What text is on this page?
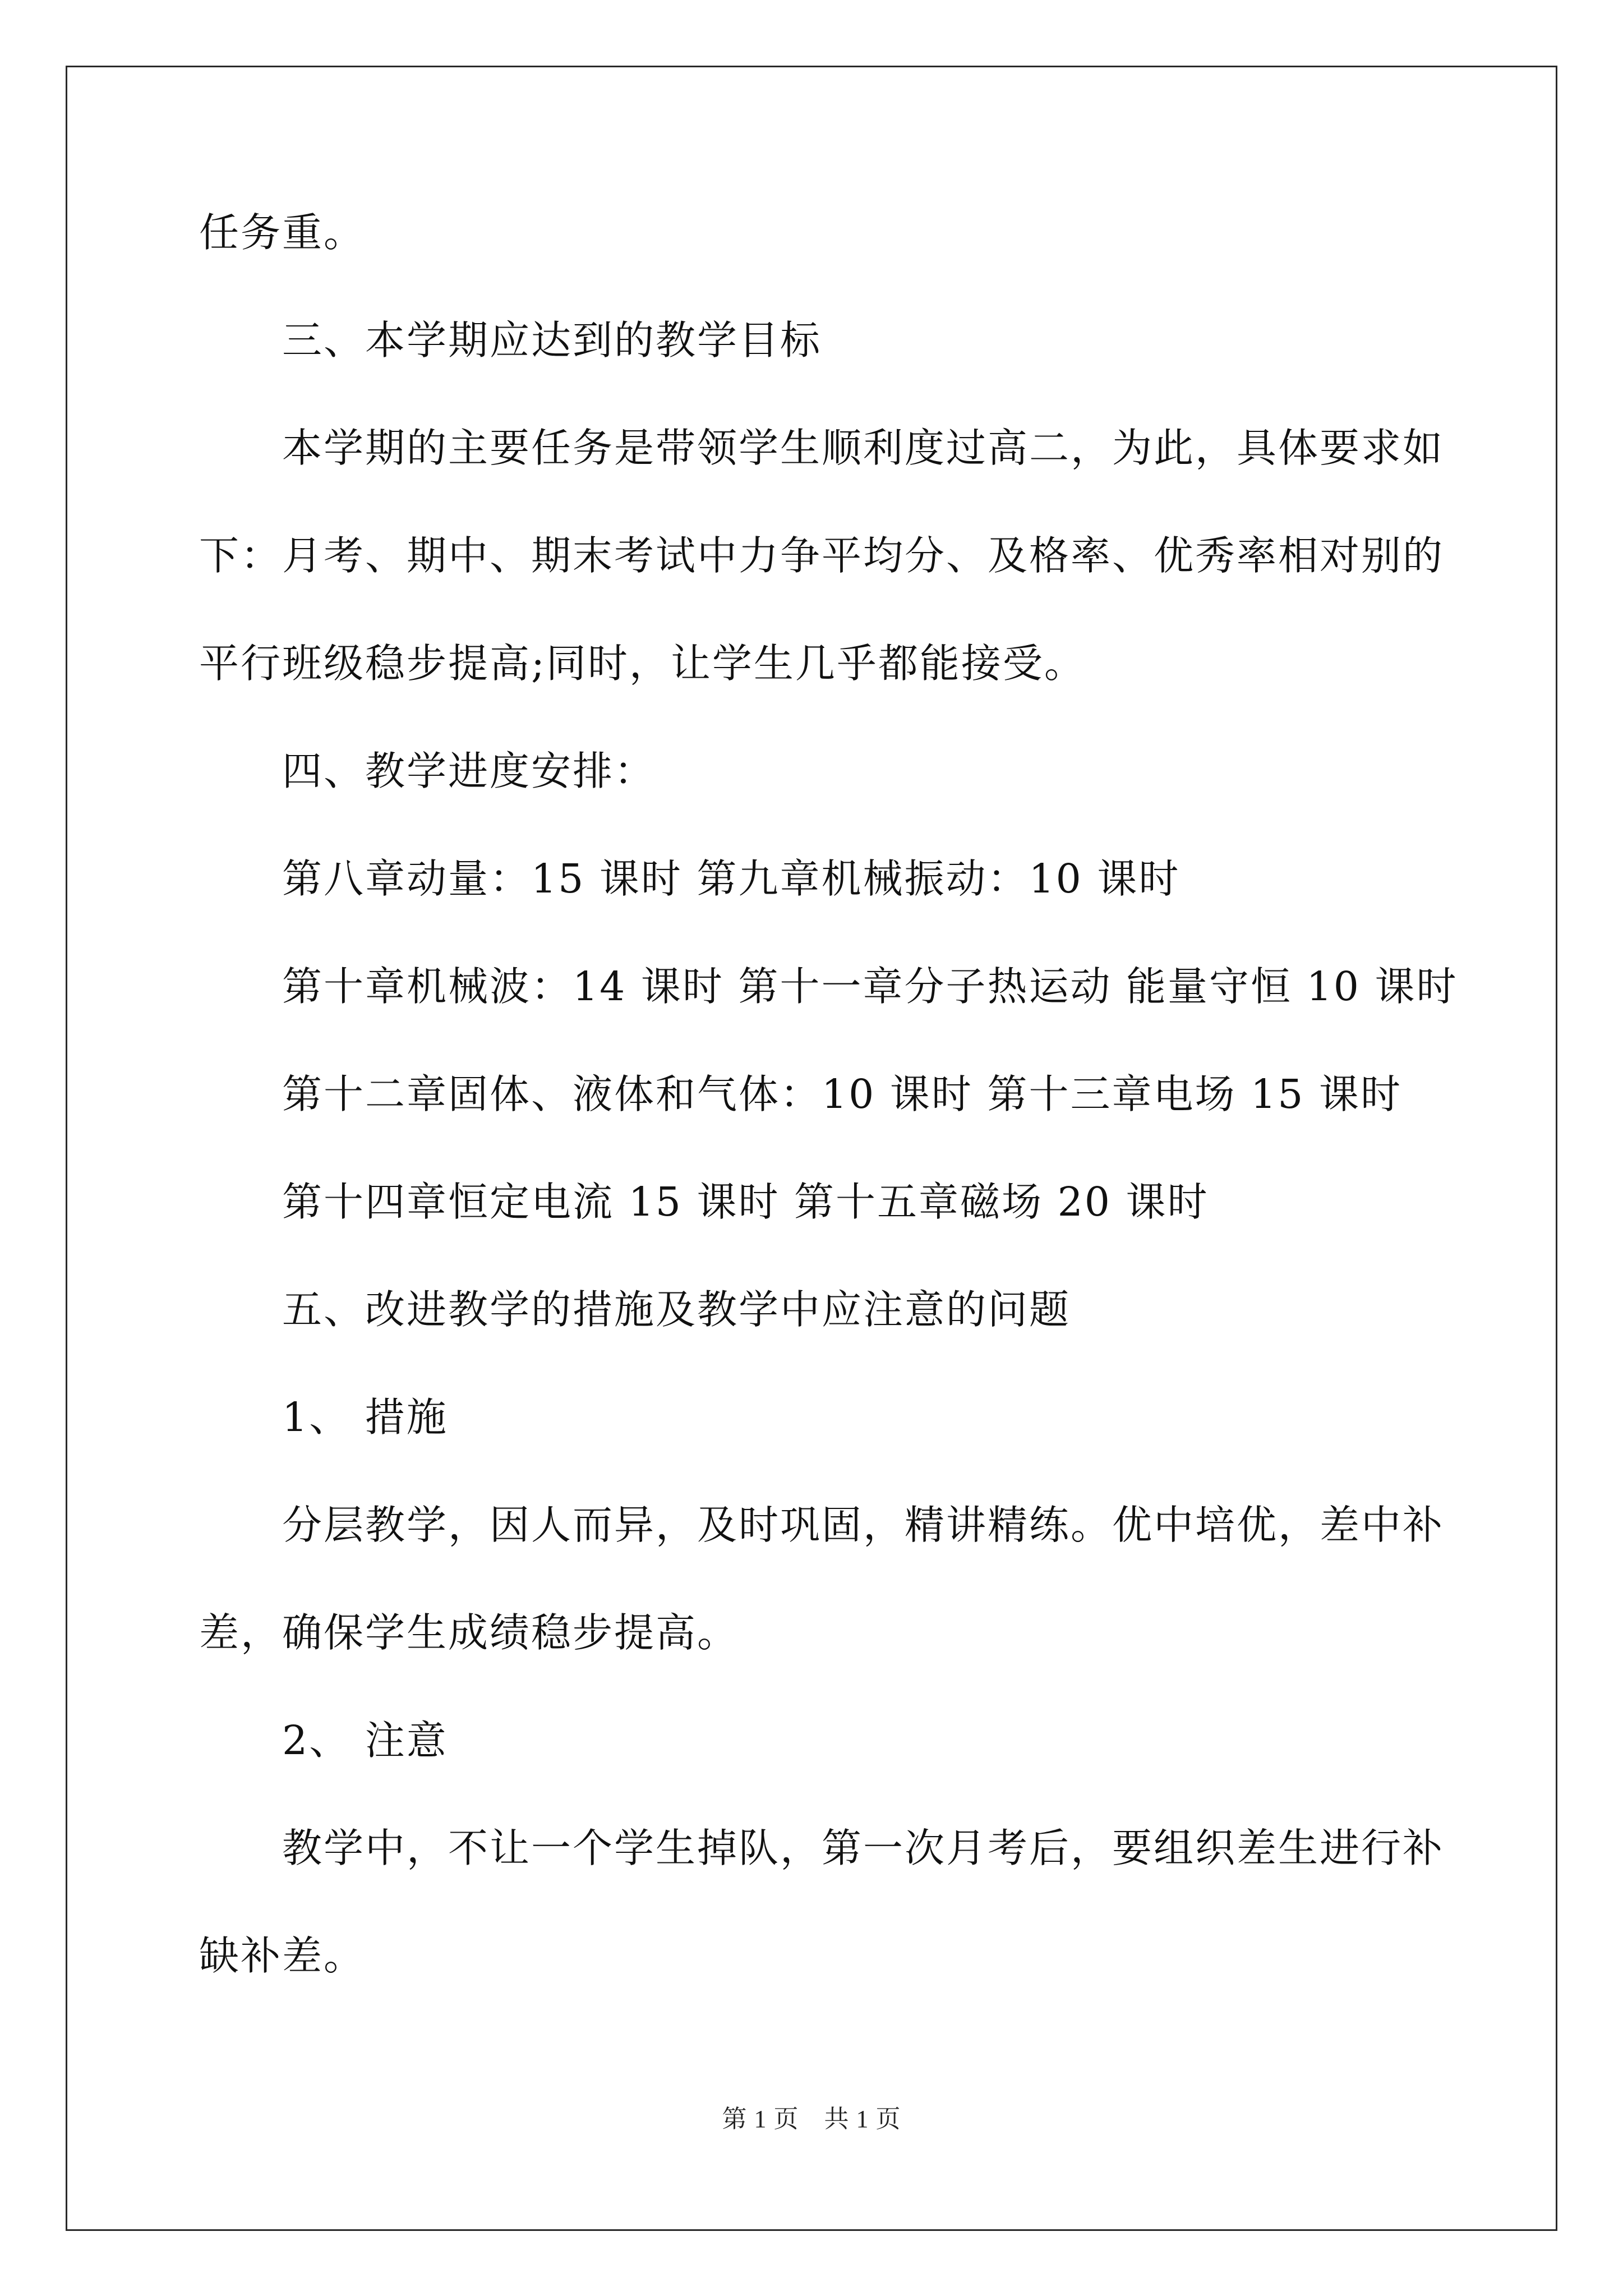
任务重。
三、本学期应达到的教学目标
本学期的主要任务是带领学生顺利度过高二，为此，具体要求如
下：月考、期中、期末考试中力争平均分、及格率、优秀率相对别的
平行班级稳步提高;同时，让学生几乎都能接受。
四、教学进度安排：
第八章动量：15 课时 第九章机械振动：10 课时
第十章机械波：14 课时 第十一章分子热运动 能量守恒 10 课时
第十二章固体、液体和气体：10 课时 第十三章电场 15 课时
第十四章恒定电流 15 课时 第十五章磁场 20 课时
五、改进教学的措施及教学中应注意的问题
1、 措施
分层教学，因人而异，及时巩固，精讲精练。优中培优，差中补
差，确保学生成绩稳步提高。
2、 注意
教学中，不让一个学生掉队，第一次月考后，要组织差生进行补
缺补差。
第 1 页　共 1 页
